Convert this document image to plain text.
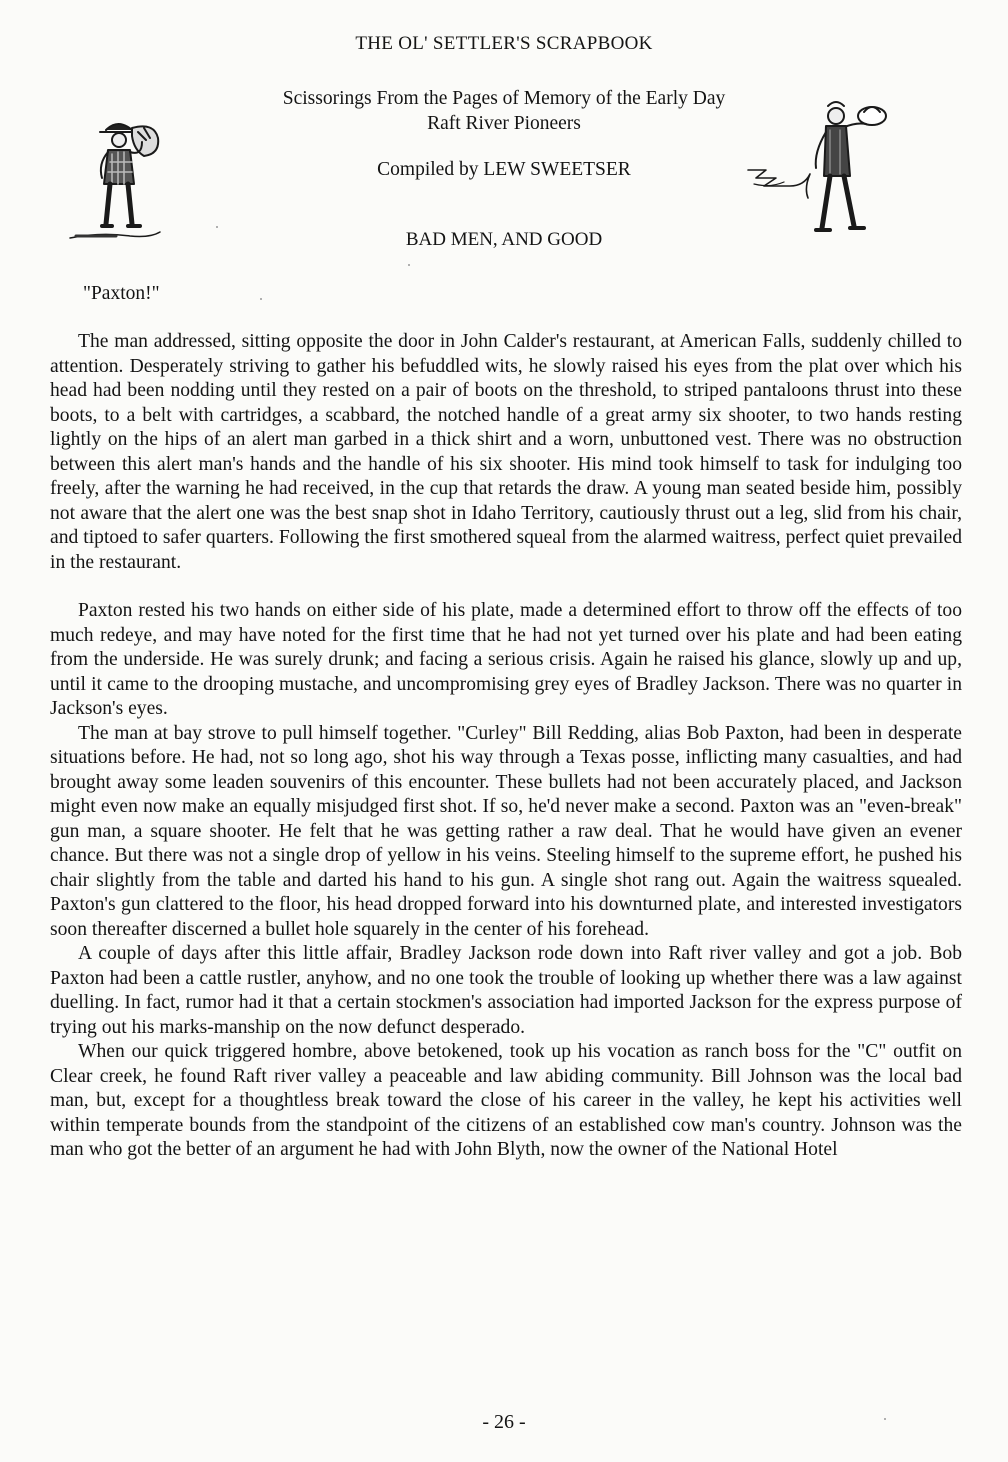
THE OL' SETTLER'S SCRAPBOOK
Scissorings From the Pages of Memory of the Early Day
Raft River Pioneers
Compiled by LEW SWEETSER
BAD MEN, AND GOOD
"Paxton!"

The man addressed, sitting opposite the door in John Calder's restaurant, at American Falls, suddenly chilled to attention. Desperately striving to gather his befuddled wits, he slowly raised his eyes from the plat over which his head had been nodding until they rested on a pair of boots on the threshold, to striped pantaloons thrust into these boots, to a belt with cartridges, a scabbard, the notched handle of a great army six shooter, to two hands resting lightly on the hips of an alert man garbed in a thick shirt and a worn, unbuttoned vest. There was no obstruction between this alert man's hands and the handle of his six shooter. His mind took himself to task for indulging too freely, after the warning he had received, in the cup that retards the draw. A young man seated beside him, possibly not aware that the alert one was the best snap shot in Idaho Territory, cautiously thrust out a leg, slid from his chair, and tiptoed to safer quarters. Following the first smothered squeal from the alarmed waitress, perfect quiet prevailed in the restaurant.

Paxton rested his two hands on either side of his plate, made a determined effort to throw off the effects of too much redeye, and may have noted for the first time that he had not yet turned over his plate and had been eating from the underside. He was surely drunk; and facing a serious crisis. Again he raised his glance, slowly up and up, until it came to the drooping mustache, and uncompromising grey eyes of Bradley Jackson. There was no quarter in Jackson's eyes.

The man at bay strove to pull himself together. "Curley" Bill Redding, alias Bob Paxton, had been in desperate situations before. He had, not so long ago, shot his way through a Texas posse, inflicting many casualties, and had brought away some leaden souvenirs of this encounter. These bullets had not been accurately placed, and Jackson might even now make an equally misjudged first shot. If so, he'd never make a second. Paxton was an "even-break" gun man, a square shooter. He felt that he was getting rather a raw deal. That he would have given an evener chance. But there was not a single drop of yellow in his veins. Steeling himself to the supreme effort, he pushed his chair slightly from the table and darted his hand to his gun. A single shot rang out. Again the waitress squealed. Paxton's gun clattered to the floor, his head dropped forward into his downturned plate, and interested investigators soon thereafter discerned a bullet hole squarely in the center of his forehead.

A couple of days after this little affair, Bradley Jackson rode down into Raft river valley and got a job. Bob Paxton had been a cattle rustler, anyhow, and no one took the trouble of looking up whether there was a law against duelling. In fact, rumor had it that a certain stockmen's association had imported Jackson for the express purpose of trying out his marks-manship on the now defunct desperado.

When our quick triggered hombre, above betokened, took up his vocation as ranch boss for the "C" outfit on Clear creek, he found Raft river valley a peaceable and law abiding community. Bill Johnson was the local bad man, but, except for a thoughtless break toward the close of his career in the valley, he kept his activities well within temperate bounds from the standpoint of the citizens of an established cow man's country. Johnson was the man who got the better of an argument he had with John Blyth, now the owner of the National Hotel

- 26 -
